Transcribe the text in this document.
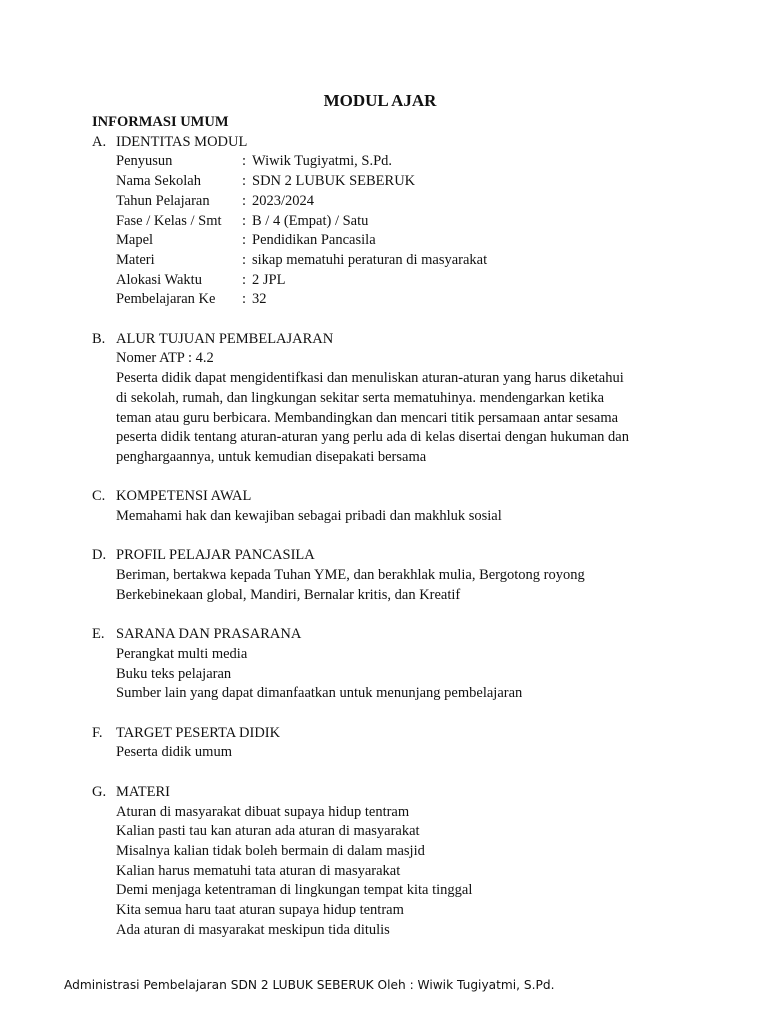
MODUL AJAR
INFORMASI UMUM
A. IDENTITAS MODUL
Penyusun	: Wiwik Tugiyatmi, S.Pd.
Nama Sekolah	: SDN 2 LUBUK SEBERUK
Tahun Pelajaran	: 2023/2024
Fase / Kelas / Smt	: B / 4 (Empat) / Satu
Mapel	: Pendidikan Pancasila
Materi	: sikap mematuhi peraturan di masyarakat
Alokasi Waktu	: 2 JPL
Pembelajaran Ke	: 32
B. ALUR TUJUAN PEMBELAJARAN
Nomer ATP : 4.2
Peserta didik dapat mengidentifkasi dan menuliskan aturan-aturan yang harus diketahui
di sekolah, rumah, dan lingkungan sekitar serta mematuhinya. mendengarkan ketika
teman atau guru berbicara. Membandingkan dan mencari titik persamaan antar sesama
peserta didik tentang aturan-aturan yang perlu ada di kelas disertai dengan hukuman dan
penghargaannya, untuk kemudian disepakati bersama
C. KOMPETENSI AWAL
Memahami hak dan kewajiban sebagai pribadi dan makhluk sosial
D. PROFIL PELAJAR PANCASILA
Beriman, bertakwa kepada Tuhan YME, dan berakhlak mulia, Bergotong royong
Berkebinekaan global, Mandiri, Bernalar kritis, dan Kreatif
E. SARANA DAN PRASARANA
Perangkat multi media
Buku teks pelajaran
Sumber lain yang dapat dimanfaatkan untuk menunjang pembelajaran
F. TARGET PESERTA DIDIK
Peserta didik umum
G. MATERI
Aturan di masyarakat dibuat supaya hidup tentram
Kalian pasti tau kan aturan ada aturan di masyarakat
Misalnya kalian tidak boleh bermain di dalam masjid
Kalian harus mematuhi tata aturan di masyarakat
Demi menjaga ketentraman di lingkungan tempat kita tinggal
Kita semua haru taat aturan supaya hidup tentram
Ada aturan di masyarakat meskipun tida ditulis
Administrasi Pembelajaran SDN 2 LUBUK SEBERUK Oleh : Wiwik Tugiyatmi, S.Pd.
